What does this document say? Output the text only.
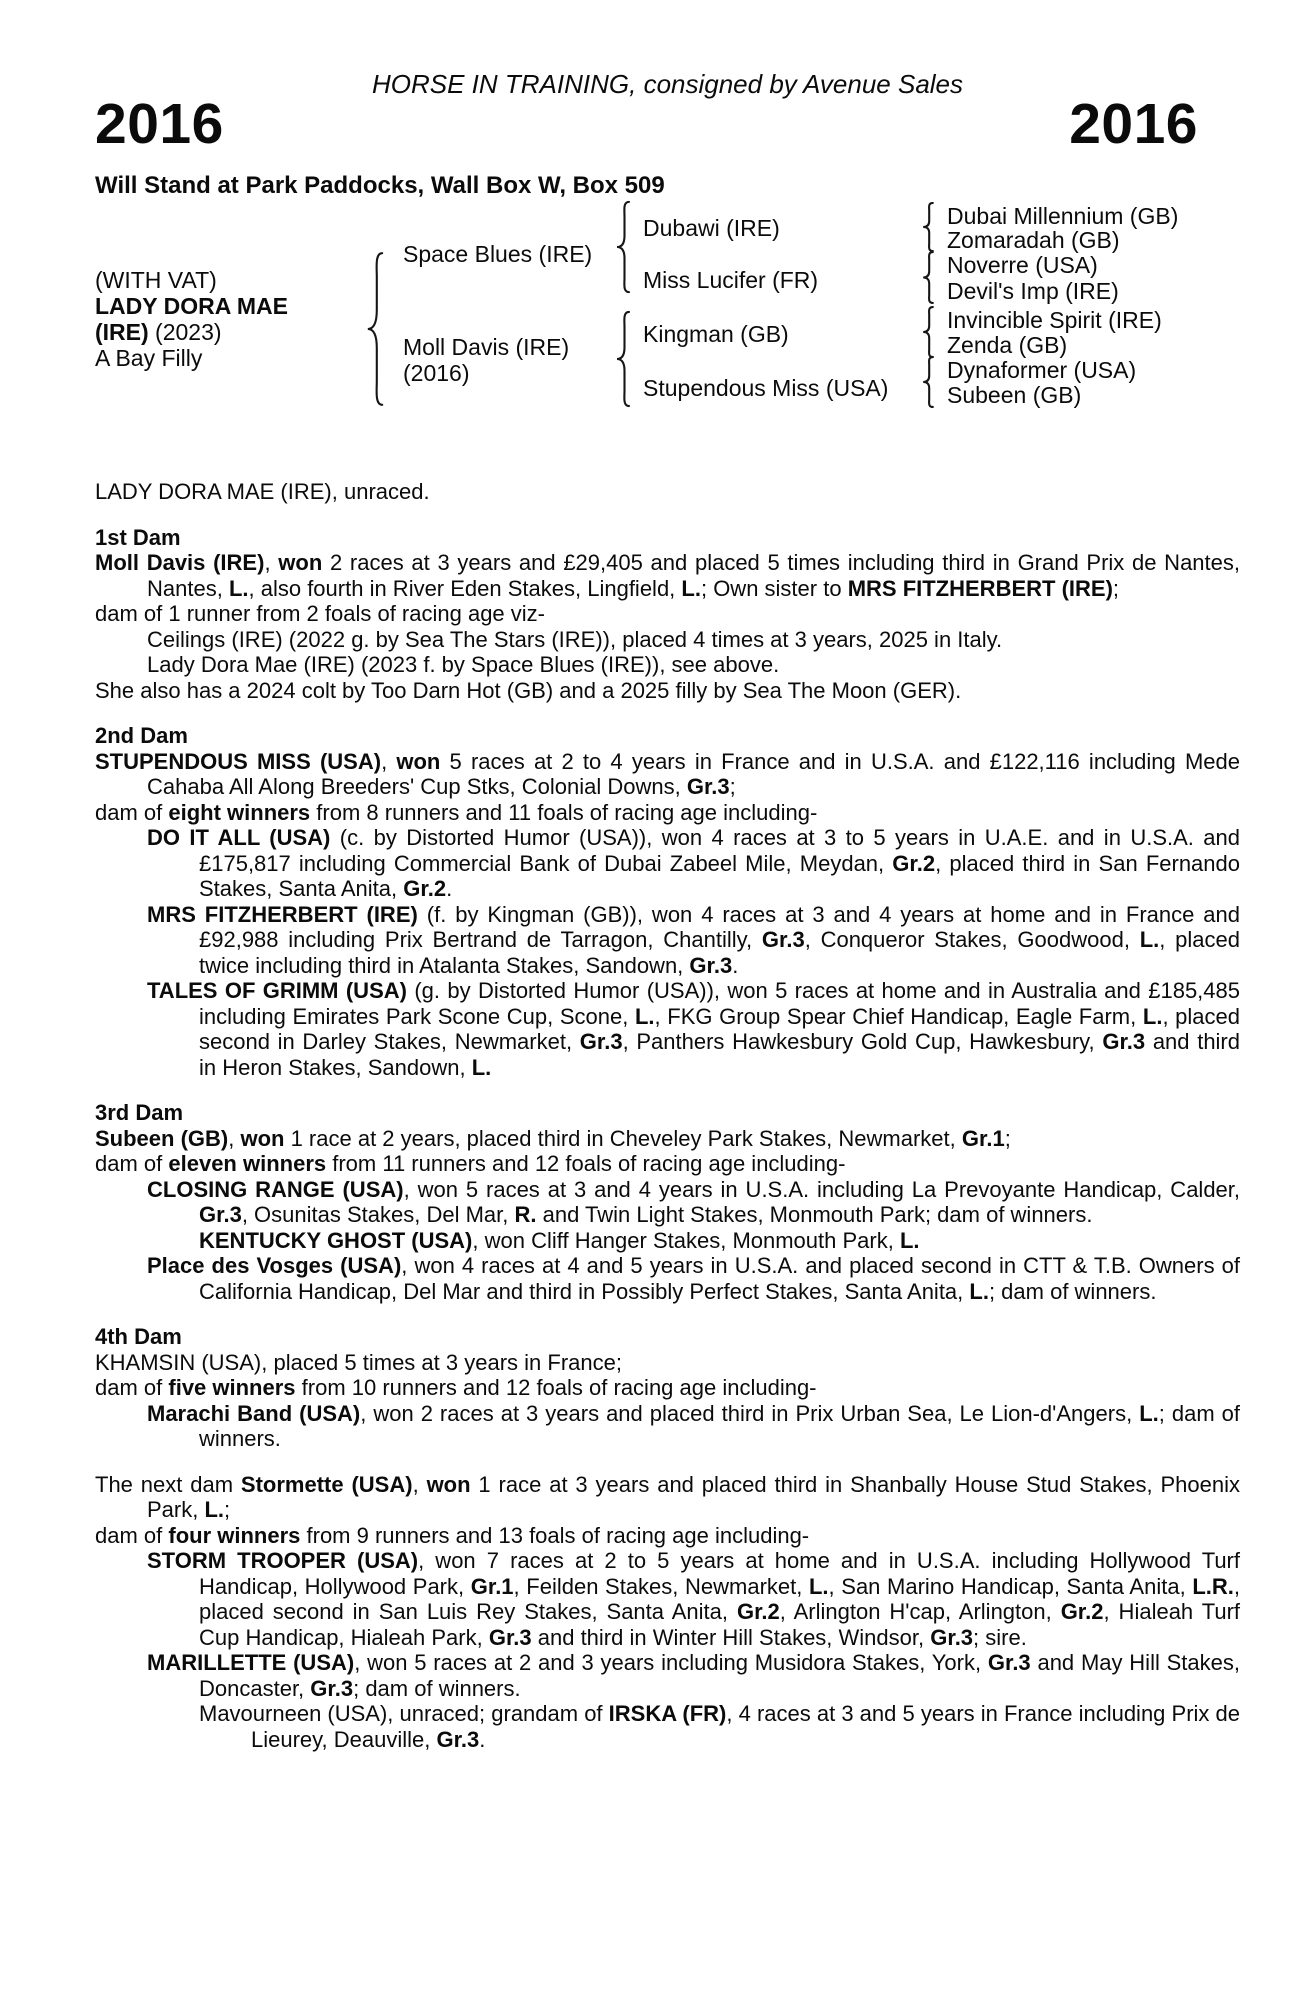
HORSE IN TRAINING, consigned by Avenue Sales
2016	2016
Will Stand at Park Paddocks, Wall Box W, Box 509
(WITH VAT)
LADY DORA MAE
(IRE) (2023)
A Bay Filly
Space Blues (IRE)
Moll Davis (IRE)
(2016)
Dubawi (IRE)
Miss Lucifer (FR)
Kingman (GB)
Stupendous Miss (USA)
Dubai Millennium (GB)
Zomaradah (GB)
Noverre (USA)
Devil's Imp (IRE)
Invincible Spirit (IRE)
Zenda (GB)
Dynaformer (USA)
Subeen (GB)

LADY DORA MAE (IRE), unraced.

1st Dam

Moll Davis (IRE), won 2 races at 3 years and £29,405 and placed 5 times including third in Grand Prix de Nantes, Nantes, L., also fourth in River Eden Stakes, Lingfield, L.; Own sister to MRS FITZHERBERT (IRE);

dam of 1 runner from 2 foals of racing age viz-

Ceilings (IRE) (2022 g. by Sea The Stars (IRE)), placed 4 times at 3 years, 2025 in Italy.

Lady Dora Mae (IRE) (2023 f. by Space Blues (IRE)), see above.

She also has a 2024 colt by Too Darn Hot (GB) and a 2025 filly by Sea The Moon (GER).

2nd Dam

STUPENDOUS MISS (USA), won 5 races at 2 to 4 years in France and in U.S.A. and £122,116 including Mede Cahaba All Along Breeders' Cup Stks, Colonial Downs, Gr.3;

dam of eight winners from 8 runners and 11 foals of racing age including-

DO IT ALL (USA) (c. by Distorted Humor (USA)), won 4 races at 3 to 5 years in U.A.E. and in U.S.A. and £175,817 including Commercial Bank of Dubai Zabeel Mile, Meydan, Gr.2, placed third in San Fernando Stakes, Santa Anita, Gr.2.

MRS FITZHERBERT (IRE) (f. by Kingman (GB)), won 4 races at 3 and 4 years at home and in France and £92,988 including Prix Bertrand de Tarragon, Chantilly, Gr.3, Conqueror Stakes, Goodwood, L., placed twice including third in Atalanta Stakes, Sandown, Gr.3.

TALES OF GRIMM (USA) (g. by Distorted Humor (USA)), won 5 races at home and in Australia and £185,485 including Emirates Park Scone Cup, Scone, L., FKG Group Spear Chief Handicap, Eagle Farm, L., placed second in Darley Stakes, Newmarket, Gr.3, Panthers Hawkesbury Gold Cup, Hawkesbury, Gr.3 and third in Heron Stakes, Sandown, L.

3rd Dam

Subeen (GB), won 1 race at 2 years, placed third in Cheveley Park Stakes, Newmarket, Gr.1;

dam of eleven winners from 11 runners and 12 foals of racing age including-

CLOSING RANGE (USA), won 5 races at 3 and 4 years in U.S.A. including La Prevoyante Handicap, Calder, Gr.3, Osunitas Stakes, Del Mar, R. and Twin Light Stakes, Monmouth Park; dam of winners.

KENTUCKY GHOST (USA), won Cliff Hanger Stakes, Monmouth Park, L.

Place des Vosges (USA), won 4 races at 4 and 5 years in U.S.A. and placed second in CTT & T.B. Owners of California Handicap, Del Mar and third in Possibly Perfect Stakes, Santa Anita, L.; dam of winners.

4th Dam

KHAMSIN (USA), placed 5 times at 3 years in France;

dam of five winners from 10 runners and 12 foals of racing age including-

Marachi Band (USA), won 2 races at 3 years and placed third in Prix Urban Sea, Le Lion-d'Angers, L.; dam of winners.

The next dam Stormette (USA), won 1 race at 3 years and placed third in Shanbally House Stud Stakes, Phoenix Park, L.;

dam of four winners from 9 runners and 13 foals of racing age including-

STORM TROOPER (USA), won 7 races at 2 to 5 years at home and in U.S.A. including Hollywood Turf Handicap, Hollywood Park, Gr.1, Feilden Stakes, Newmarket, L., San Marino Handicap, Santa Anita, L.R., placed second in San Luis Rey Stakes, Santa Anita, Gr.2, Arlington H'cap, Arlington, Gr.2, Hialeah Turf Cup Handicap, Hialeah Park, Gr.3 and third in Winter Hill Stakes, Windsor, Gr.3; sire.

MARILLETTE (USA), won 5 races at 2 and 3 years including Musidora Stakes, York, Gr.3 and May Hill Stakes, Doncaster, Gr.3; dam of winners.

Mavourneen (USA), unraced; grandam of IRSKA (FR), 4 races at 3 and 5 years in France including Prix de Lieurey, Deauville, Gr.3.
